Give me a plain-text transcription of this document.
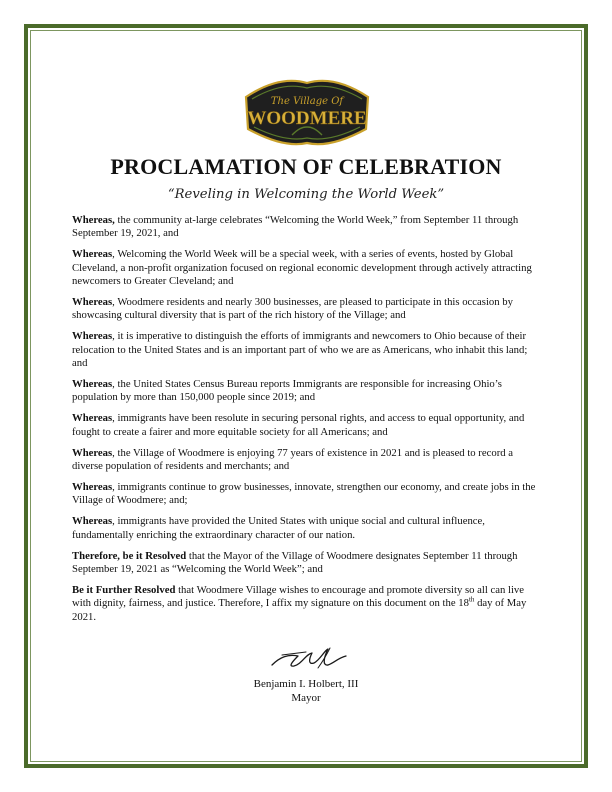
The Village Of
WOODMERE
PROCLAMATION OF CELEBRATION
“Reveling in Welcoming the World Week”

Whereas, the community at-large celebrates “Welcoming the World Week,” from September 11 through September 19, 2021, and

Whereas, Welcoming the World Week will be a special week, with a series of events, hosted by Global Cleveland, a non-profit organization focused on regional economic development through actively attracting newcomers to Greater Cleveland; and

Whereas, Woodmere residents and nearly 300 businesses, are pleased to participate in this occasion by showcasing cultural diversity that is part of the rich history of the Village; and

Whereas, it is imperative to distinguish the efforts of immigrants and newcomers to Ohio because of their relocation to the United States and is an important part of who we are as Americans, who inhabit this land; and

Whereas, the United States Census Bureau reports Immigrants are responsible for increasing Ohio’s population by more than 150,000 people since 2019; and

Whereas, immigrants have been resolute in securing personal rights, and access to equal opportunity, and fought to create a fairer and more equitable society for all Americans; and

Whereas, the Village of Woodmere is enjoying 77 years of existence in 2021 and is pleased to record a diverse population of residents and merchants; and

Whereas, immigrants continue to grow businesses, innovate, strengthen our economy, and create jobs in the Village of Woodmere; and;

Whereas, immigrants have provided the United States with unique social and cultural influence, fundamentally enriching the extraordinary character of our nation.

Therefore, be it Resolved that the Mayor of the Village of Woodmere designates September 11 through September 19, 2021 as “Welcoming the World Week”; and

Be it Further Resolved that Woodmere Village wishes to encourage and promote diversity so all can live with dignity, fairness, and justice. Therefore, I affix my signature on this document on the 18th day of May 2021.

Benjamin I. Holbert, III
Mayor
